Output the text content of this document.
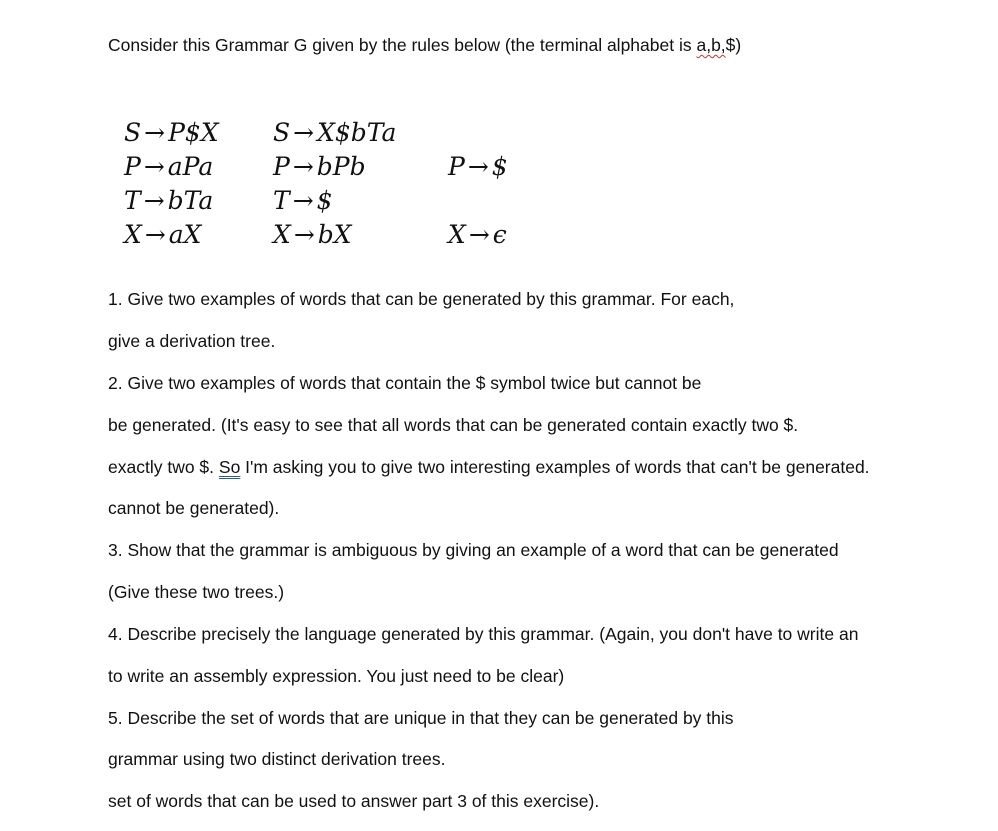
Consider this Grammar G given by the rules below (the terminal alphabet is a,b,$)
S → P$X S → X$bTa
P → aPa P → bPb	P → $
T → bTa T → $
X → aX	X → bX	X → ϵ
1. Give two examples of words that can be generated by this grammar. For each,
give a derivation tree.
2. Give two examples of words that contain the $ symbol twice but cannot be
be generated. (It's easy to see that all words that can be generated contain exactly two $.
exactly two $. So I'm asking you to give two interesting examples of words that can't be generated.
cannot be generated).
3. Show that the grammar is ambiguous by giving an example of a word that can be generated
(Give these two trees.)
4. Describe precisely the language generated by this grammar. (Again, you don't have to write an
to write an assembly expression. You just need to be clear)
5. Describe the set of words that are unique in that they can be generated by this
grammar using two distinct derivation trees.
set of words that can be used to answer part 3 of this exercise).
